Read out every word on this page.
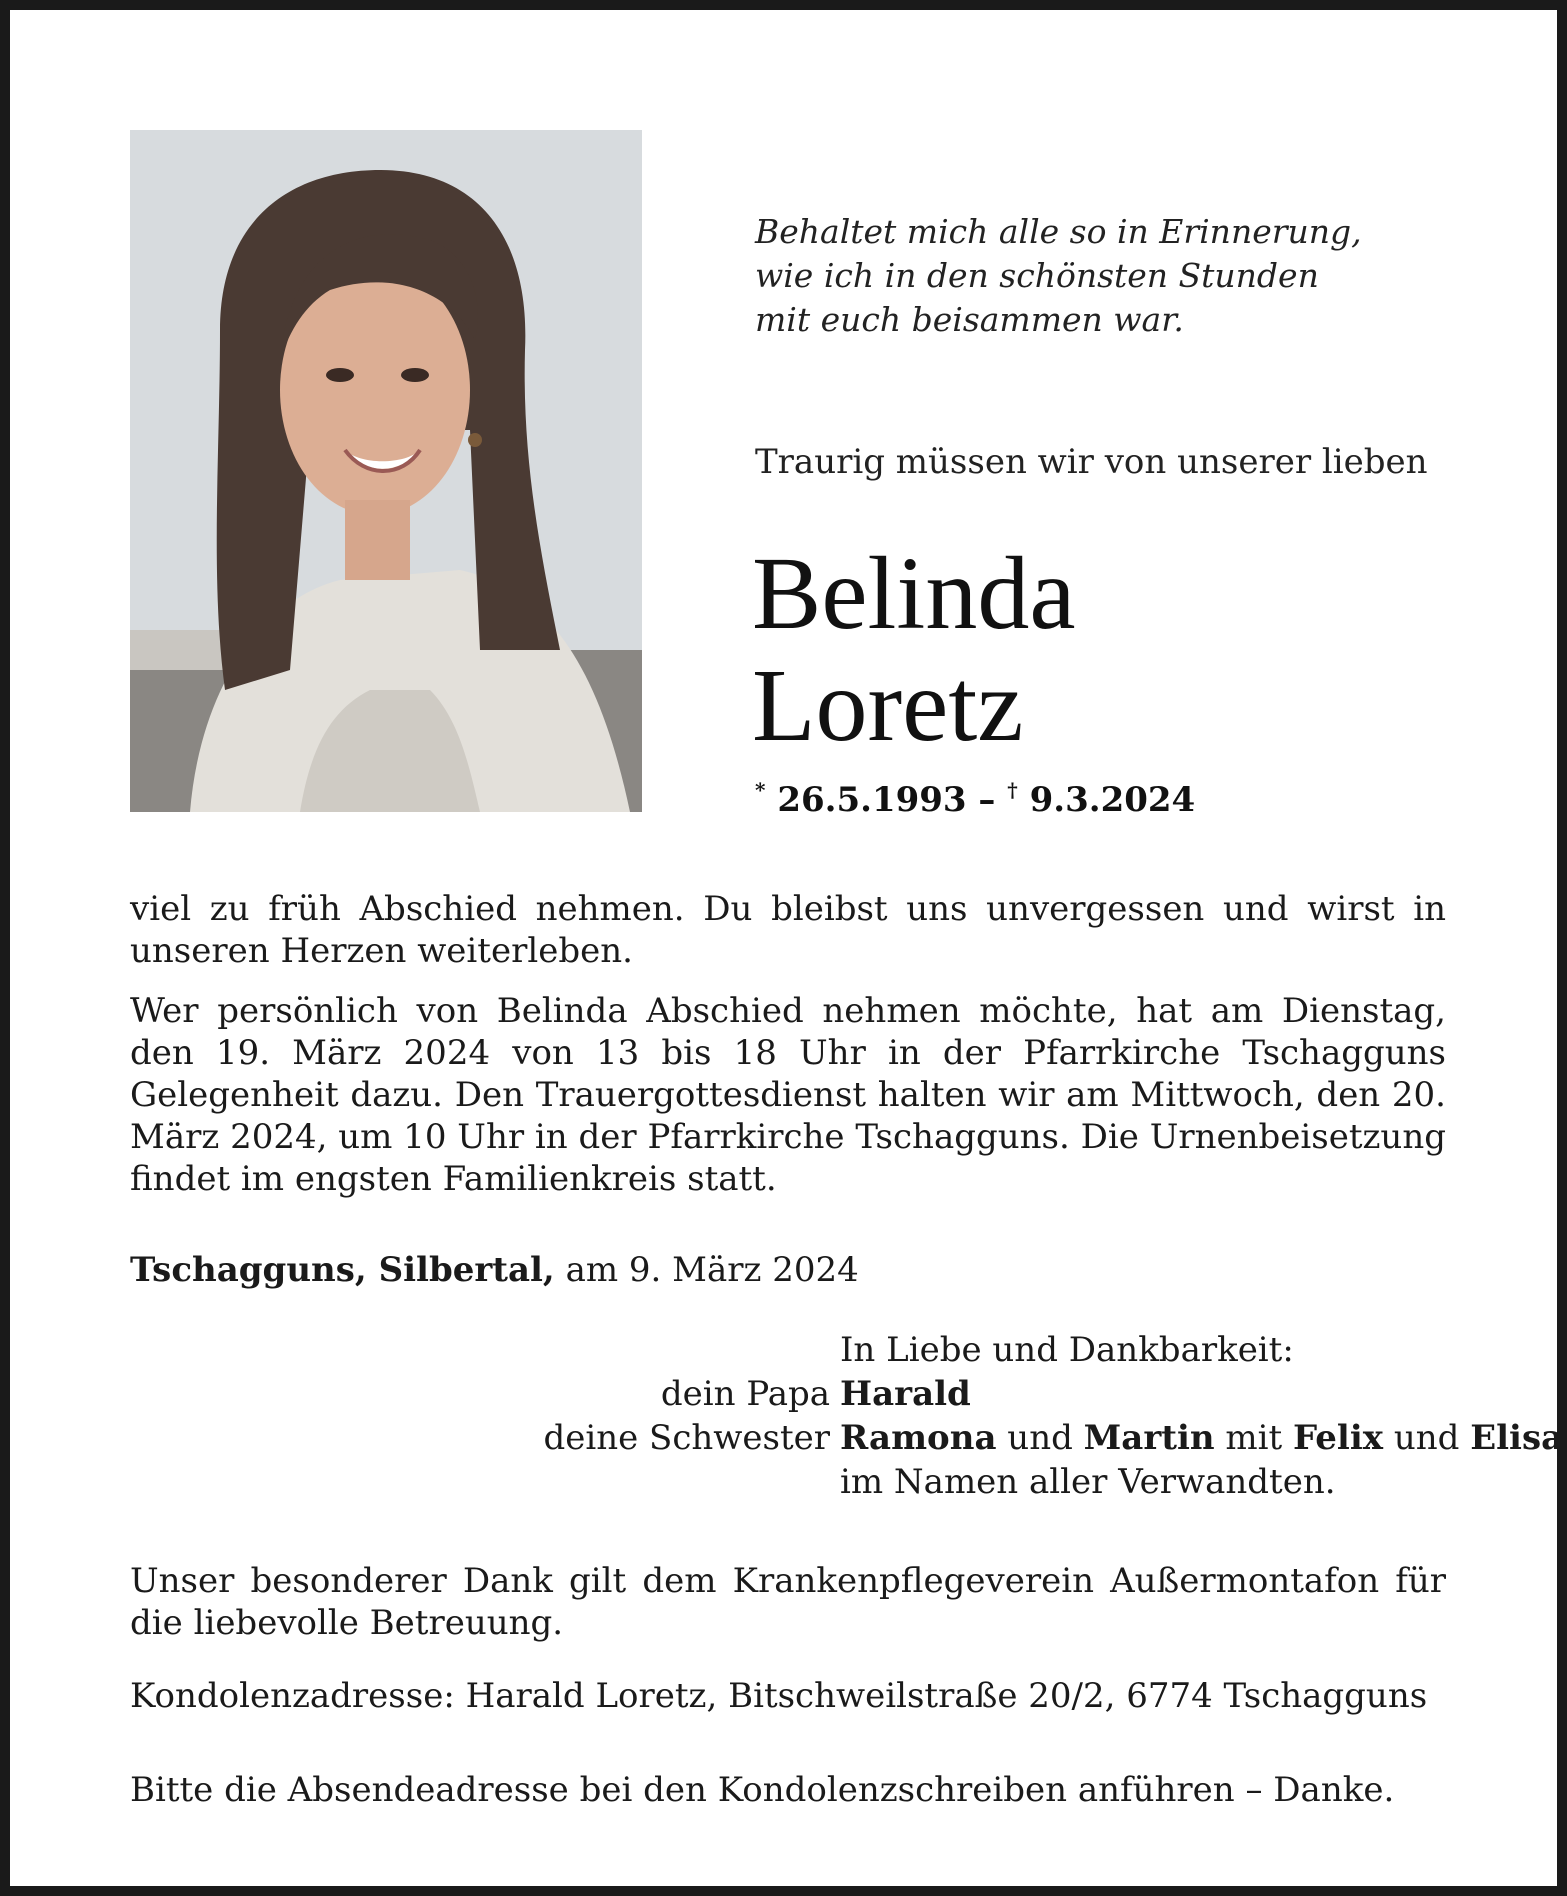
Behaltet mich alle so in Erinnerung,
wie ich in den schönsten Stunden
mit euch beisammen war.
Traurig müssen wir von unserer lieben
Belinda
Loretz
* 26.5.1993 – † 9.3.2024
viel zu früh Abschied nehmen. Du bleibst uns unvergessen und wirst in unseren Herzen weiterleben.
Wer persönlich von Belinda Abschied nehmen möchte, hat am Dienstag, den 19. März 2024 von 13 bis 18 Uhr in der Pfarrkirche Tschagguns Gelegenheit dazu. Den Trauergottesdienst halten wir am Mittwoch, den 20. März 2024, um 10 Uhr in der Pfarrkirche Tschagguns. Die Urnenbeisetzung findet im engsten Familienkreis statt.
Tschagguns, Silbertal, am 9. März 2024
In Liebe und Dankbarkeit:
dein Papa Harald
deine Schwester Ramona und Martin mit Felix und Elisa
im Namen aller Verwandten.
Unser besonderer Dank gilt dem Krankenpflegeverein Außermontafon für die liebevolle Betreuung.
Kondolenzadresse: Harald Loretz, Bitschweilstraße 20/2, 6774 Tschagguns
Bitte die Absendeadresse bei den Kondolenzschreiben anführen – Danke.
